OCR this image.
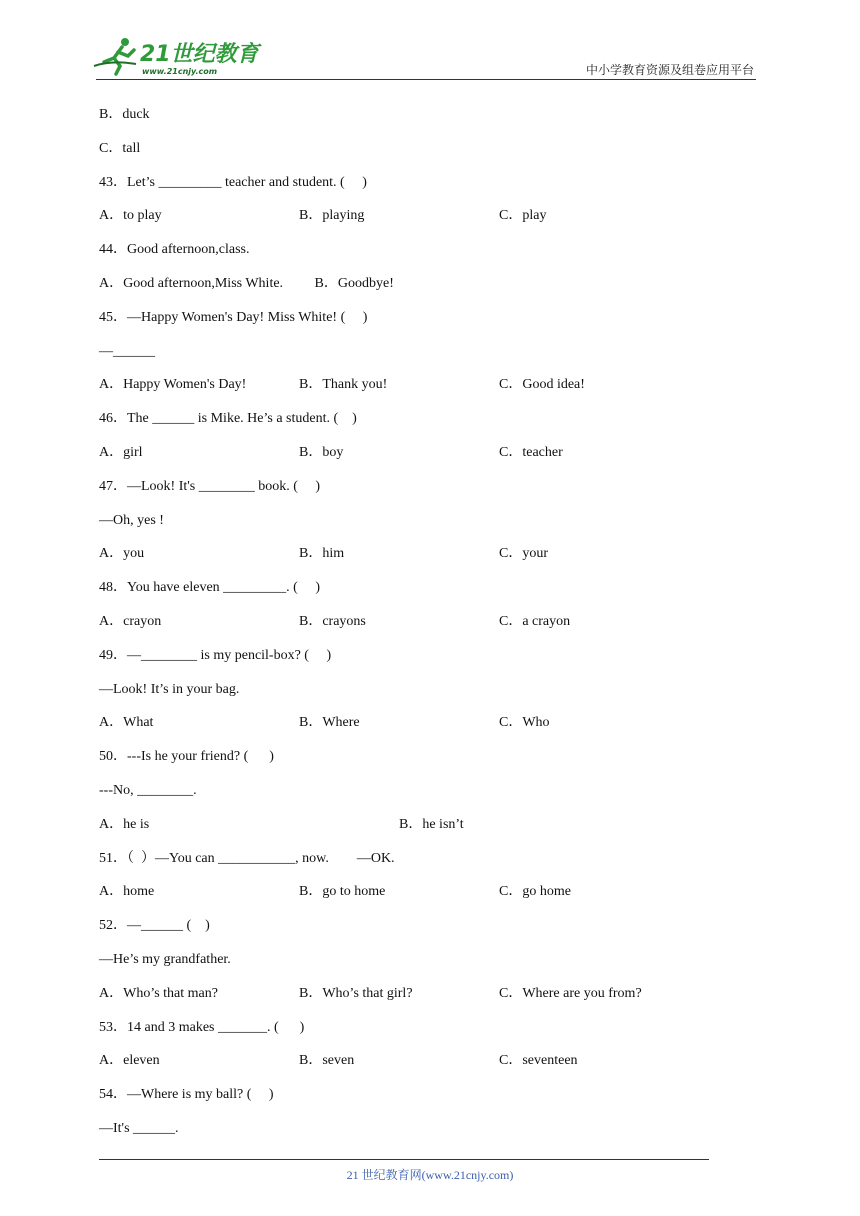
21世纪教育
www.21cnjy.com	中小学教育资源及组卷应用平台
B．duck
C．tall
43．Let’s _________ teacher and student. (     )
A．to play	B．playing	C．play
44．Good afternoon,class.
A．Good afternoon,Miss White.         B．Goodbye!
45．—Happy Women's Day! Miss White! (     )
—______
A．Happy Women's Day!	B．Thank you!	C．Good idea!
46．The ______ is Mike. He’s a student. (    )
A．girl	B．boy	C．teacher
47．—Look! It's ________ book. (     )
—Oh, yes !
A．you	B．him	C．your
48．You have eleven _________. (     )
A．crayon	B．crayons	C．a crayon
49．—________ is my pencil-box? (     )
—Look! It’s in your bag.
A．What	B．Where	C．Who
50．---Is he your friend? (      )
---No, ________.
A．he is	B．he isn’t
51．（  ）—You can ___________, now.        —OK.
A．home	B．go to home	C．go home
52．—______ (    )
—He’s my grandfather.
A．Who’s that man?	B．Who’s that girl?	C．Where are you from?
53．14 and 3 makes _______. (      )
A．eleven	B．seven	C．seventeen
54．—Where is my ball? (     )
—It's ______.
21 世纪教育网(www.21cnjy.com)
